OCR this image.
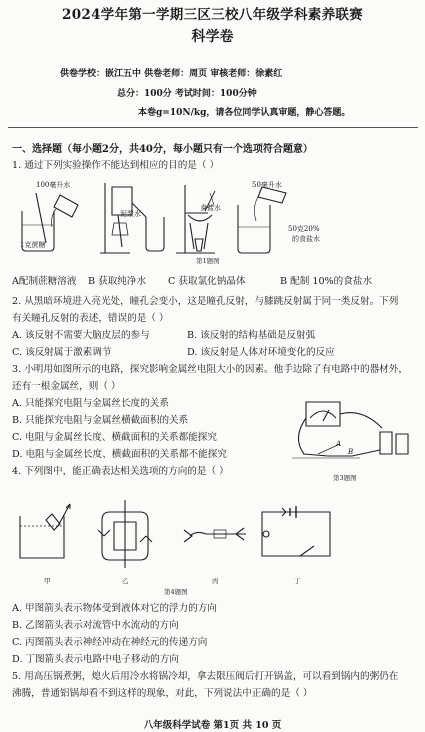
2024学年第一学期三区三校八年级学科素养联赛
科学卷
供卷学校：嵌江五中 供卷老师：周页 审核老师：徐素红
总分：100分 考试时间：100分钟
本卷g=10N/kg，请各位同学认真审题，静心答题。
一、选择题（每小题2分，共40分，每小题只有一个选项符合题意）
1. 通过下列实验操作不能达到相应的目的是（ ）
100毫升水
1克蔗糖
泥浆水
食盐水
50毫升水
50克20%
的食盐水
第1题图
A配制蔗糖溶液 B 获取纯净水 C 获取氯化钠晶体	B 配制 10%的食盐水
2. 从黑暗环境进入亮光处，瞳孔会变小，这是瞳孔反射，与膝跳反射属于同一类反射。下列
有关瞳孔反射的表述，错误的是（ ）
A. 该反射不需要大脑皮层的参与	B. 该反射的结构基础是反射弧
C. 该反射属于激素调节	D. 该反射是人体对环境变化的反应
3. 小明用如图所示的电路，探究影响金属丝电阻大小的因素。他手边除了有电路中的器材外，
还有一根金属丝，则（ ）
A. 只能探究电阻与金属丝长度的关系
B. 只能探究电阻与金属丝横截面积的关系
C. 电阻与金属丝长度、横截面积的关系都能探究
D. 电阻与金属丝长度、横截面积的关系都不能探究
A
B
第3题图
4. 下列图中，能正确表达相关选项的方向的是（ ）
甲	乙	丙	丁
第4题图
A. 甲图箭头表示物体受到液体对它的浮力的方向
B. 乙图箭头表示对流管中水流动的方向
C. 丙图箭头表示神经冲动在神经元的传递方向
D. 丁图箭头表示电路中电子移动的方向
5. 用高压锅煮粥，熄火后用冷水将锅冷却，拿去限压阀后打开锅盖，可以看到锅内的粥仍在
沸腾，普通铝锅却看不到这样的现象，对此，下列说法中正确的是（ ）
八年级科学试卷 第1页 共 10 页
